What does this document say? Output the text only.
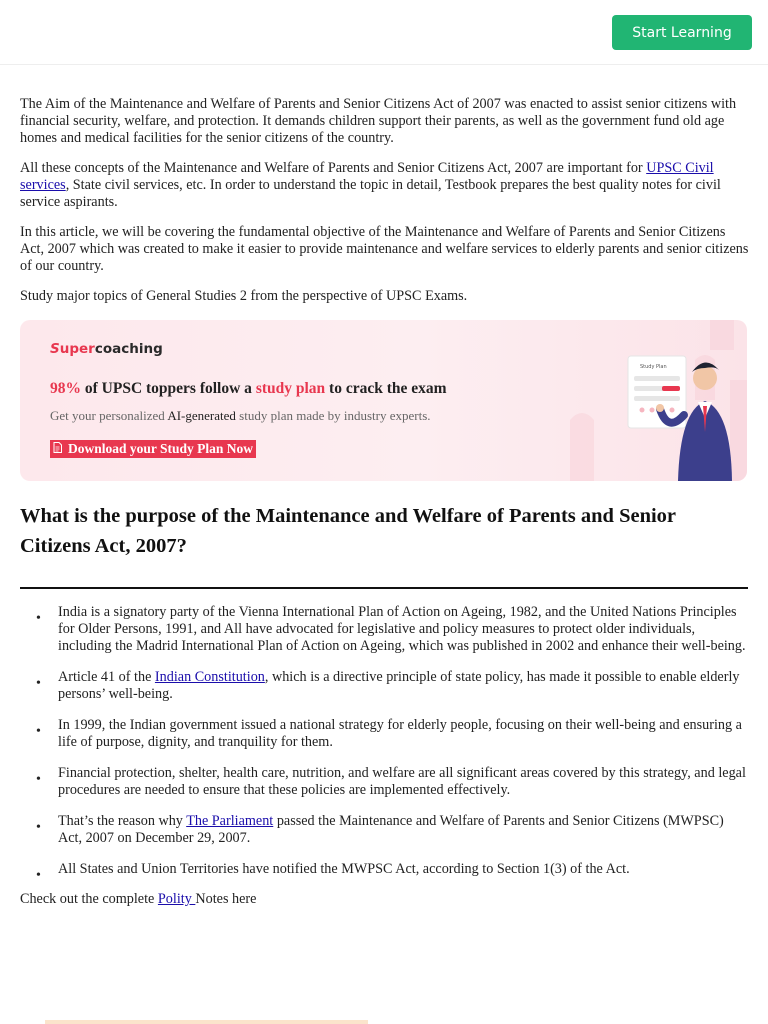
Start Learning

The Aim of the Maintenance and Welfare of Parents and Senior Citizens Act of 2007 was enacted to assist senior citizens with financial security, welfare, and protection. It demands children support their parents, as well as the government fund old age homes and medical facilities for the senior citizens of the country.

All these concepts of the Maintenance and Welfare of Parents and Senior Citizens Act, 2007 are important for UPSC Civil services, State civil services, etc. In order to understand the topic in detail, Testbook prepares the best quality notes for civil service aspirants.

In this article, we will be covering the fundamental objective of the Maintenance and Welfare of Parents and Senior Citizens Act, 2007 which was created to make it easier to provide maintenance and welfare services to elderly parents and senior citizens of our country.

Study major topics of General Studies 2 from the perspective of UPSC Exams.

Supercoaching
98% of UPSC toppers follow a study plan to crack the exam
Get your personalized AI-generated study plan made by industry experts.
Download your Study Plan Now
Study Plan
What is the purpose of the Maintenance and Welfare of Parents and Senior Citizens Act, 2007?
• India is a signatory party of the Vienna International Plan of Action on Ageing, 1982, and the United Nations Principles for Older Persons, 1991, and All have advocated for legislative and policy measures to protect older individuals, including the Madrid International Plan of Action on Ageing, which was published in 2002 and enhance their well-being.
• Article 41 of the Indian Constitution, which is a directive principle of state policy, has made it possible to enable elderly persons’ well-being.
• In 1999, the Indian government issued a national strategy for elderly people, focusing on their well-being and ensuring a life of purpose, dignity, and tranquility for them.
• Financial protection, shelter, health care, nutrition, and welfare are all significant areas covered by this strategy, and legal procedures are needed to ensure that these policies are implemented effectively.
• That’s the reason why The Parliament passed the Maintenance and Welfare of Parents and Senior Citizens (MWPSC) Act, 2007 on December 29, 2007.
• All States and Union Territories have notified the MWPSC Act, according to Section 1(3) of the Act.

Check out the complete Polity Notes here
